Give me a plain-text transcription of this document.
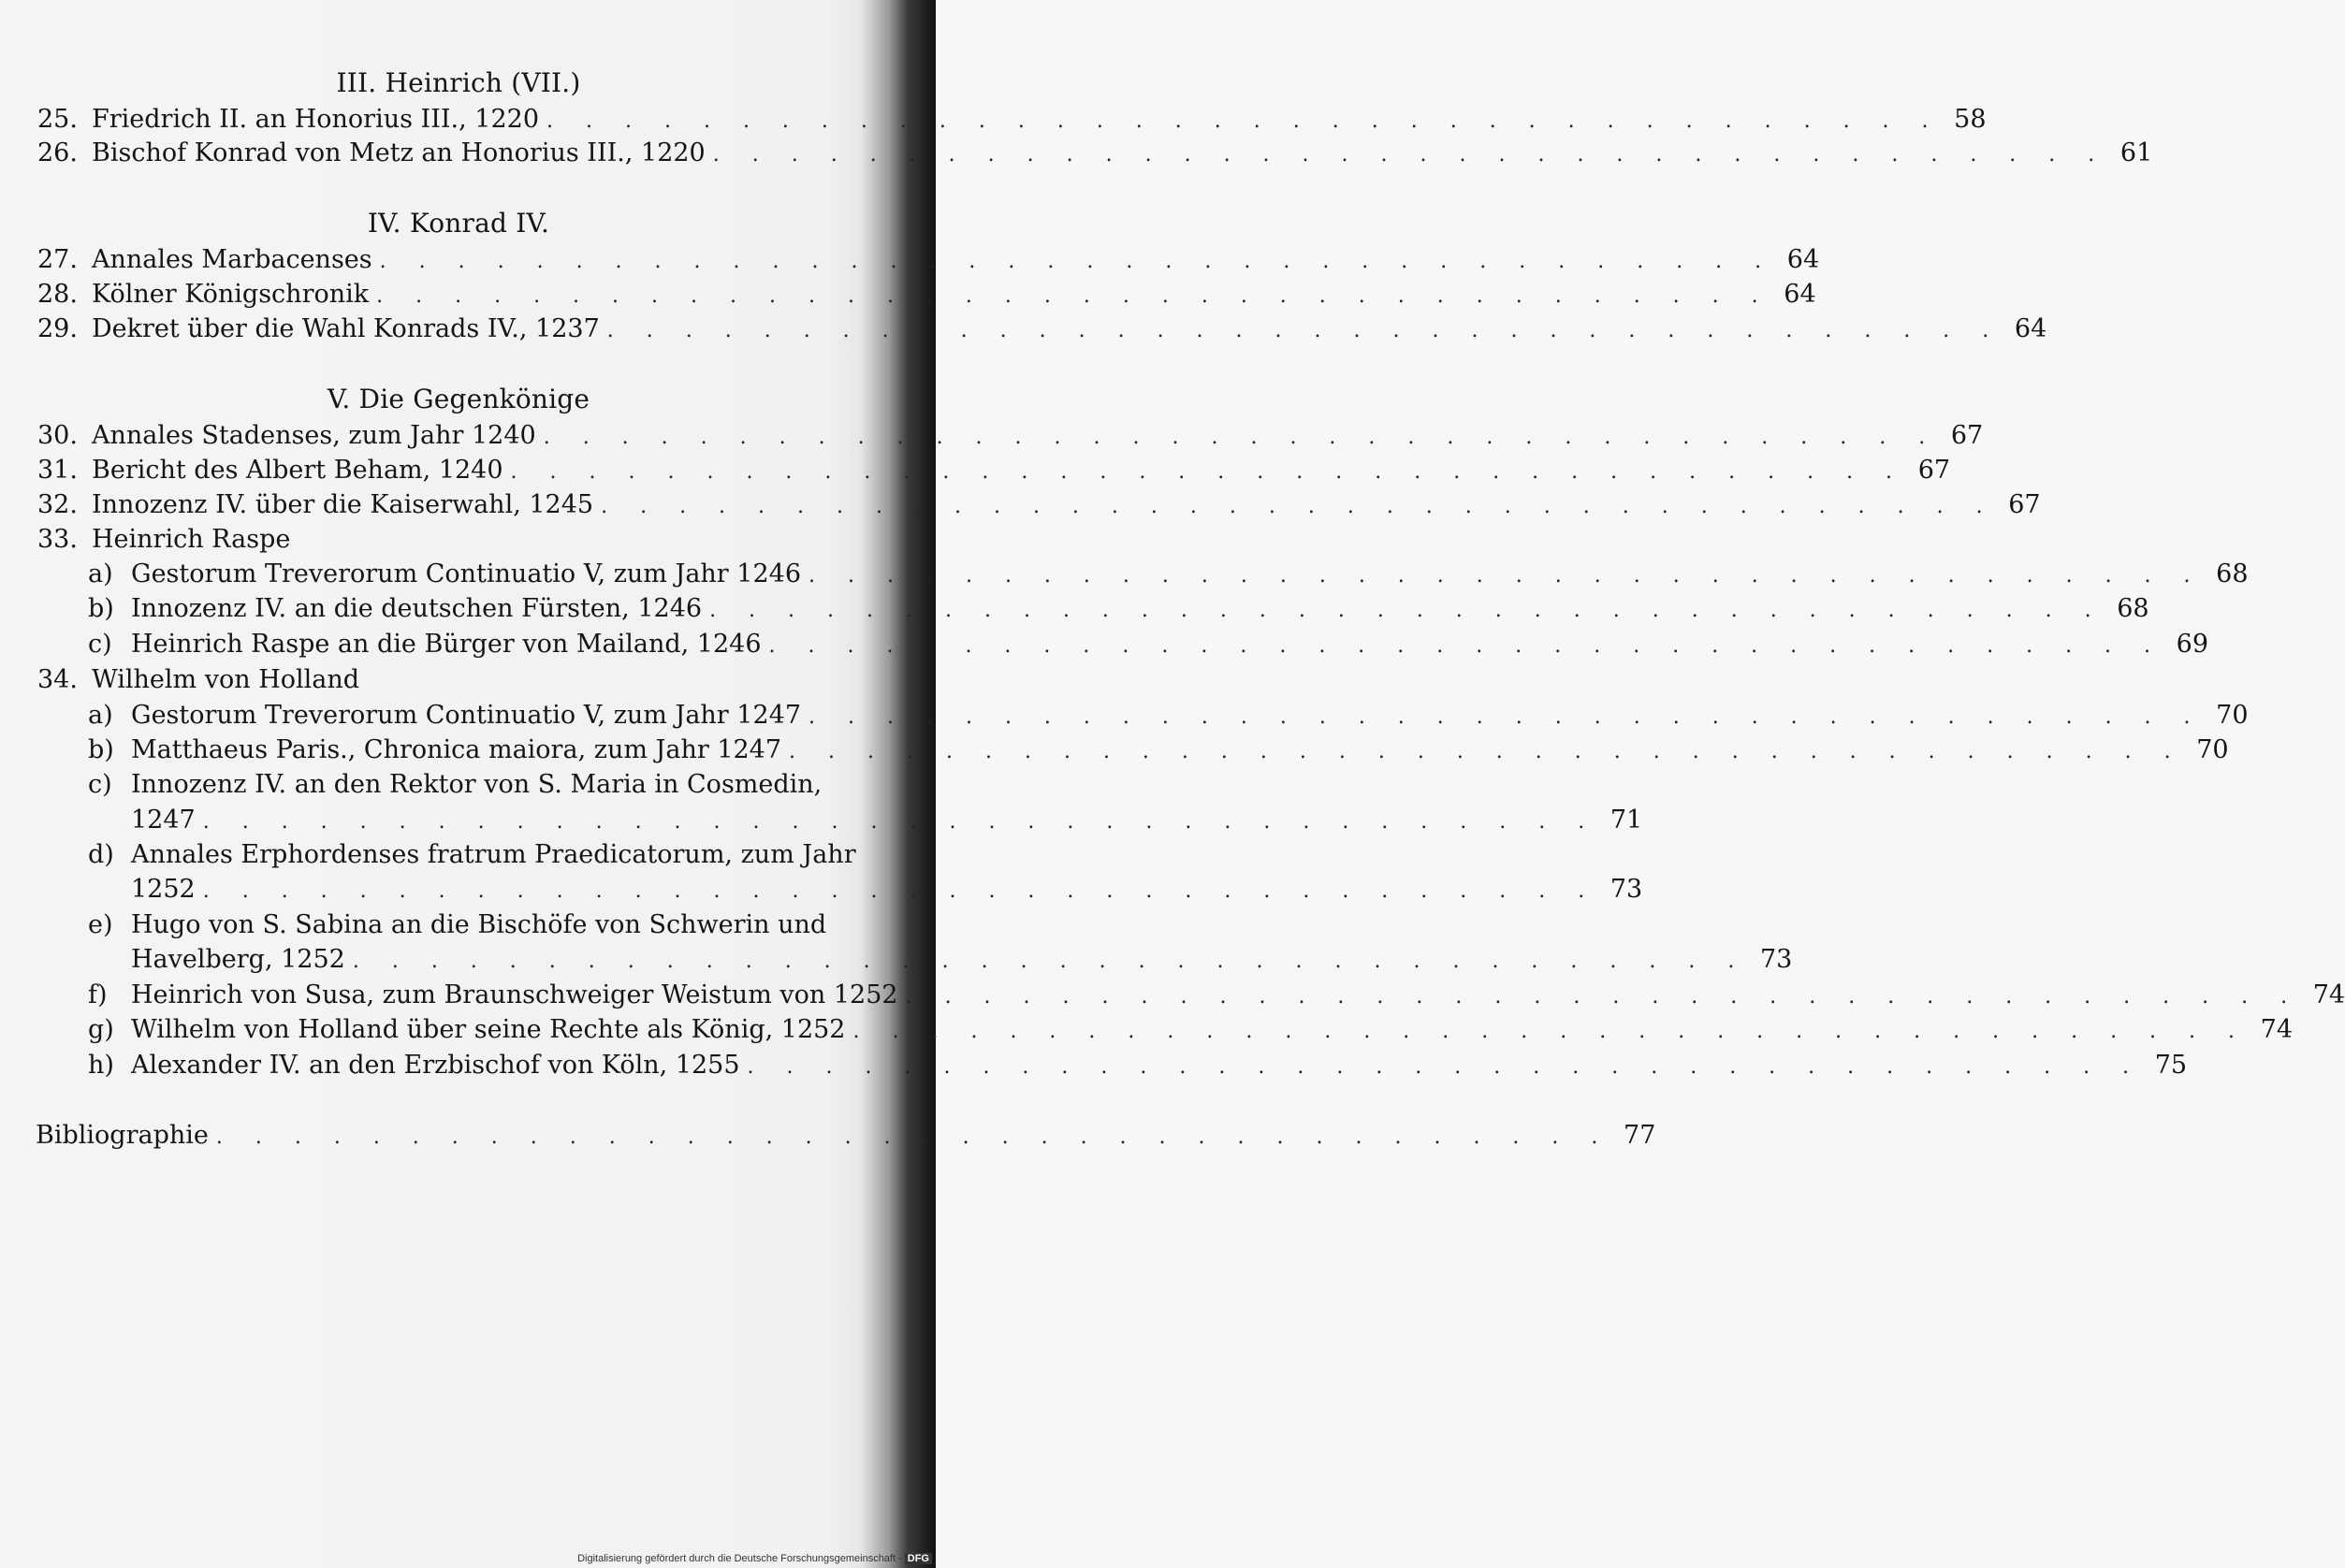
III. Heinrich (VII.)
25. Friedrich II. an Honorius III., 1220 . . . . . . . . . . . . . . . . . . . . . . . . . . . . . . . . . . . . 58
26. Bischof Konrad von Metz an Honorius III., 1220 . . . . . . . . . . . . . . . . . . . . . . . . . . . . . . . . . . . . 61
IV. Konrad IV.
27. Annales Marbacenses . . . . . . . . . . . . . . . . . . . . . . . . . . . . . . . . . . . . 64
28. Kölner Königschronik . . . . . . . . . . . . . . . . . . . . . . . . . . . . . . . . . . . . 64
29. Dekret über die Wahl Konrads IV., 1237 . . . . . . . . . . . . . . . . . . . . . . . . . . . . . . . . . . . . 64
V. Die Gegenkönige
30. Annales Stadenses, zum Jahr 1240 . . . . . . . . . . . . . . . . . . . . . . . . . . . . . . . . . . . . 67
31. Bericht des Albert Beham, 1240 . . . . . . . . . . . . . . . . . . . . . . . . . . . . . . . . . . . . 67
32. Innozenz IV. über die Kaiserwahl, 1245 . . . . . . . . . . . . . . . . . . . . . . . . . . . . . . . . . . . . 67
33. Heinrich Raspe
a) Gestorum Treverorum Continuatio V, zum Jahr 1246 . . . . . . . . . . . . . . . . . . . . . . . . . . . . . . . . . . . . 68
b) Innozenz IV. an die deutschen Fürsten, 1246 . . . . . . . . . . . . . . . . . . . . . . . . . . . . . . . . . . . . 68
c) Heinrich Raspe an die Bürger von Mailand, 1246 . . . . . . . . . . . . . . . . . . . . . . . . . . . . . . . . . . . . 69
34. Wilhelm von Holland
a) Gestorum Treverorum Continuatio V, zum Jahr 1247 . . . . . . . . . . . . . . . . . . . . . . . . . . . . . . . . . . . . 70
b) Matthaeus Paris., Chronica maiora, zum Jahr 1247 . . . . . . . . . . . . . . . . . . . . . . . . . . . . . . . . . . . . 70
c) Innozenz IV. an den Rektor von S. Maria in Cosmedin,
1247 . . . . . . . . . . . . . . . . . . . . . . . . . . . . . . . . . . . . 71
d) Annales Erphordenses fratrum Praedicatorum, zum Jahr
1252 . . . . . . . . . . . . . . . . . . . . . . . . . . . . . . . . . . . . 73
e) Hugo von S. Sabina an die Bischöfe von Schwerin und
Havelberg, 1252 . . . . . . . . . . . . . . . . . . . . . . . . . . . . . . . . . . . . 73
f) Heinrich von Susa, zum Braunschweiger Weistum von 1252 . . . . . . . . . . . . . . . . . . . . . . . . . . . . . . . . . . . . 74
g) Wilhelm von Holland über seine Rechte als König, 1252 . . . . . . . . . . . . . . . . . . . . . . . . . . . . . . . . . . . . 74
h) Alexander IV. an den Erzbischof von Köln, 1255 . . . . . . . . . . . . . . . . . . . . . . . . . . . . . . . . . . . . 75
Bibliographie . . . . . . . . . . . . . . . . . . . . . . . . . . . . . . . . . . . . 77
Digitalisierung gefördert durch die Deutsche Forschungsgemeinschaft - DFG
